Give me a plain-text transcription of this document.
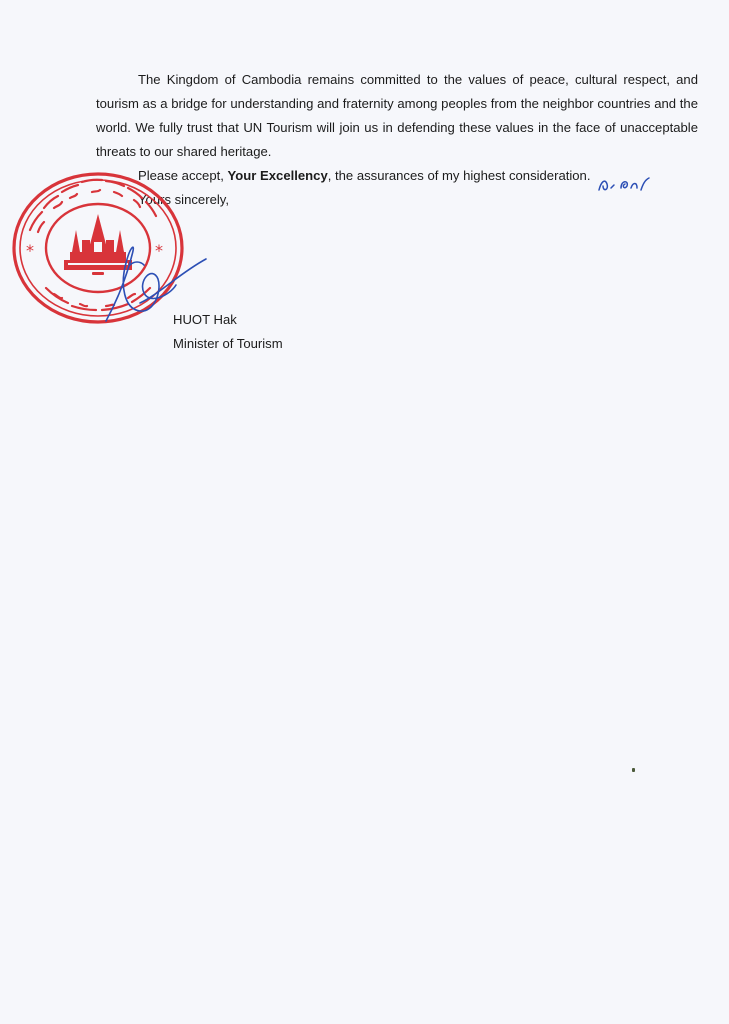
The Kingdom of Cambodia remains committed to the values of peace, cultural respect, and tourism as a bridge for understanding and fraternity among peoples from the neighbor countries and the world. We fully trust that UN Tourism will join us in defending these values in the face of unacceptable threats to our shared heritage.

Please accept, Your Excellency, the assurances of my highest consideration.

Yours sincerely,

*	*

HUOT Hak

Minister of Tourism
